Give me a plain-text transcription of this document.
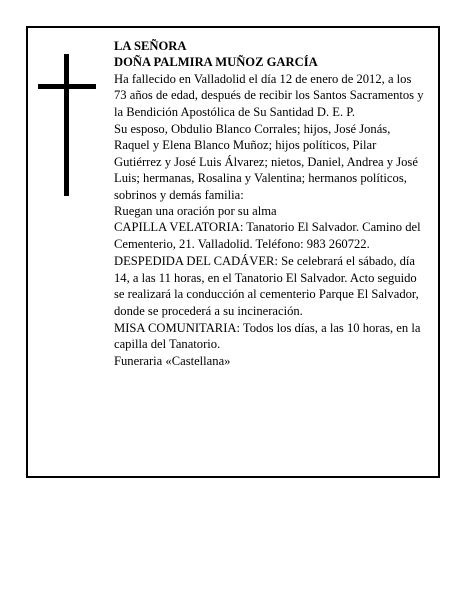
LA SEÑORA

DOÑA PALMIRA MUÑOZ GARCÍA

Ha fallecido en Valladolid el día 12 de enero de 2012, a los 73 años de edad, después de recibir los Santos Sacramentos y la Bendición Apostólica de Su Santidad D. E. P.

Su esposo, Obdulio Blanco Corrales; hijos, José Jonás, Raquel y Elena Blanco Muñoz; hijos políticos, Pilar Gutiérrez y José Luis Álvarez; nietos, Daniel, Andrea y José Luis; hermanas, Rosalina y Valentina; hermanos políticos, sobrinos y demás familia:

Ruegan una oración por su alma

CAPILLA VELATORIA: Tanatorio El Salvador. Camino del Cementerio, 21. Valladolid. Teléfono: 983 260722.

DESPEDIDA DEL CADÁVER: Se celebrará el sábado, día 14, a las 11 horas, en el Tanatorio El Salvador. Acto seguido se realizará la conducción al cementerio Parque El Salvador, donde se procederá a su incineración.

MISA COMUNITARIA: Todos los días, a las 10 horas, en la capilla del Tanatorio.

Funeraria «Castellana»
